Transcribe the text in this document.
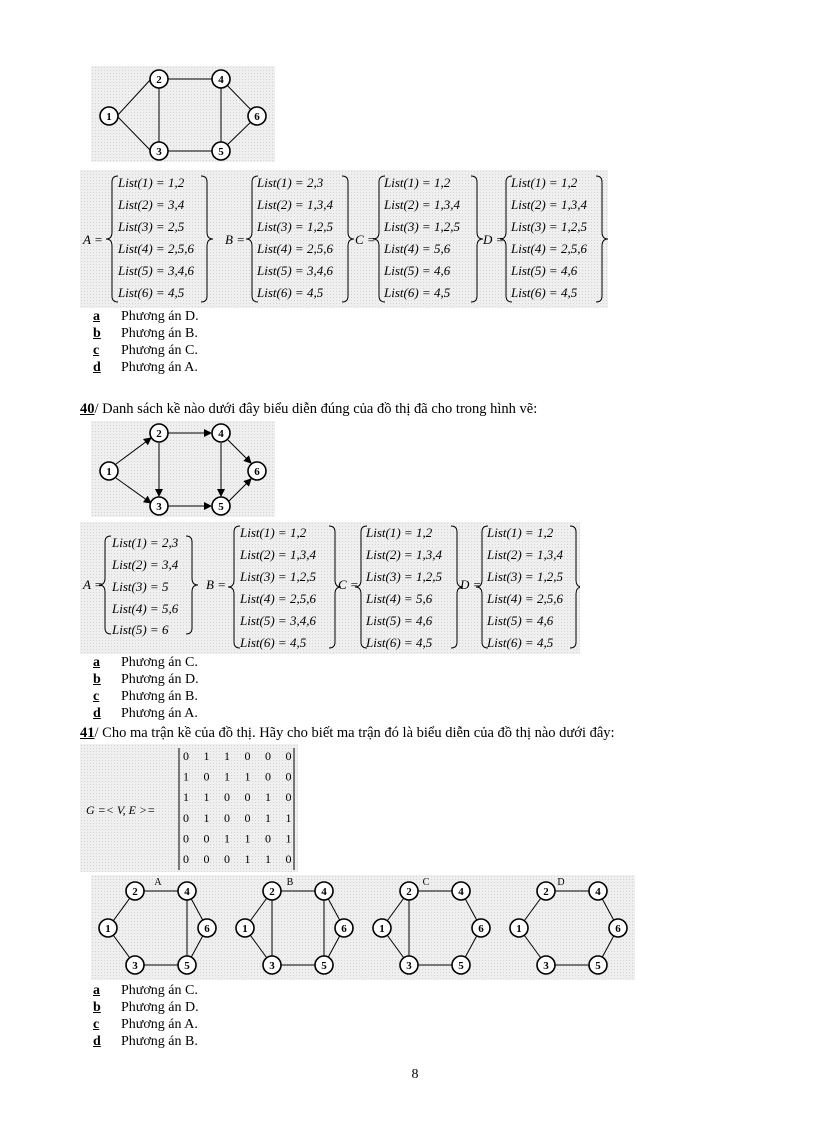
1
2
3
4
5
6
A =	B =	C =	D =
List(1) = 1,2
List(2) = 3,4
List(3) = 2,5
List(4) = 2,5,6
List(5) = 3,4,6
List(6) = 4,5
List(1) = 2,3
List(2) = 1,3,4
List(3) = 1,2,5
List(4) = 2,5,6
List(5) = 3,4,6
List(6) = 4,5
List(1) = 1,2
List(2) = 1,3,4
List(3) = 1,2,5
List(4) = 5,6
List(5) = 4,6
List(6) = 4,5
List(1) = 1,2
List(2) = 1,3,4
List(3) = 1,2,5
List(4) = 2,5,6
List(5) = 4,6
List(6) = 4,5
a Phương án D.
b Phương án B.
c Phương án C.
d Phương án A.
40/ Danh sách kề nào dưới đây biểu diễn đúng của đồ thị đã cho trong hình vẽ:
1
2
3
4
5
6
A =	B =	C =	D =
List(1) = 2,3
List(2) = 3,4
List(3) = 5
List(4) = 5,6
List(5) = 6
List(1) = 1,2
List(2) = 1,3,4
List(3) = 1,2,5
List(4) = 2,5,6
List(5) = 3,4,6
List(6) = 4,5
List(1) = 1,2
List(2) = 1,3,4
List(3) = 1,2,5
List(4) = 5,6
List(5) = 4,6
List(6) = 4,5
List(1) = 1,2
List(2) = 1,3,4
List(3) = 1,2,5
List(4) = 2,5,6
List(5) = 4,6
List(6) = 4,5
a Phương án C.
b Phương án D.
c Phương án B.
d Phương án A.
41/ Cho ma trận kề của đồ thị. Hãy cho biết ma trận đó là biểu diễn của đồ thị nào dưới đây:
G =< V, E >=
0 1 1 0 0 0
1 0 1 1 0 0
1 1 0 0 1 0
0 1 0 0 1 1
0 0 1 1 0 1
0 0 0 1 1 0
A	B	C	D
1
2
3
4
5
6	1
2
3
4
5
6	1
2
3
4
5
6	1
2
3
4
5
6
a Phương án C.
b Phương án D.
c Phương án A.
d Phương án B.
8
